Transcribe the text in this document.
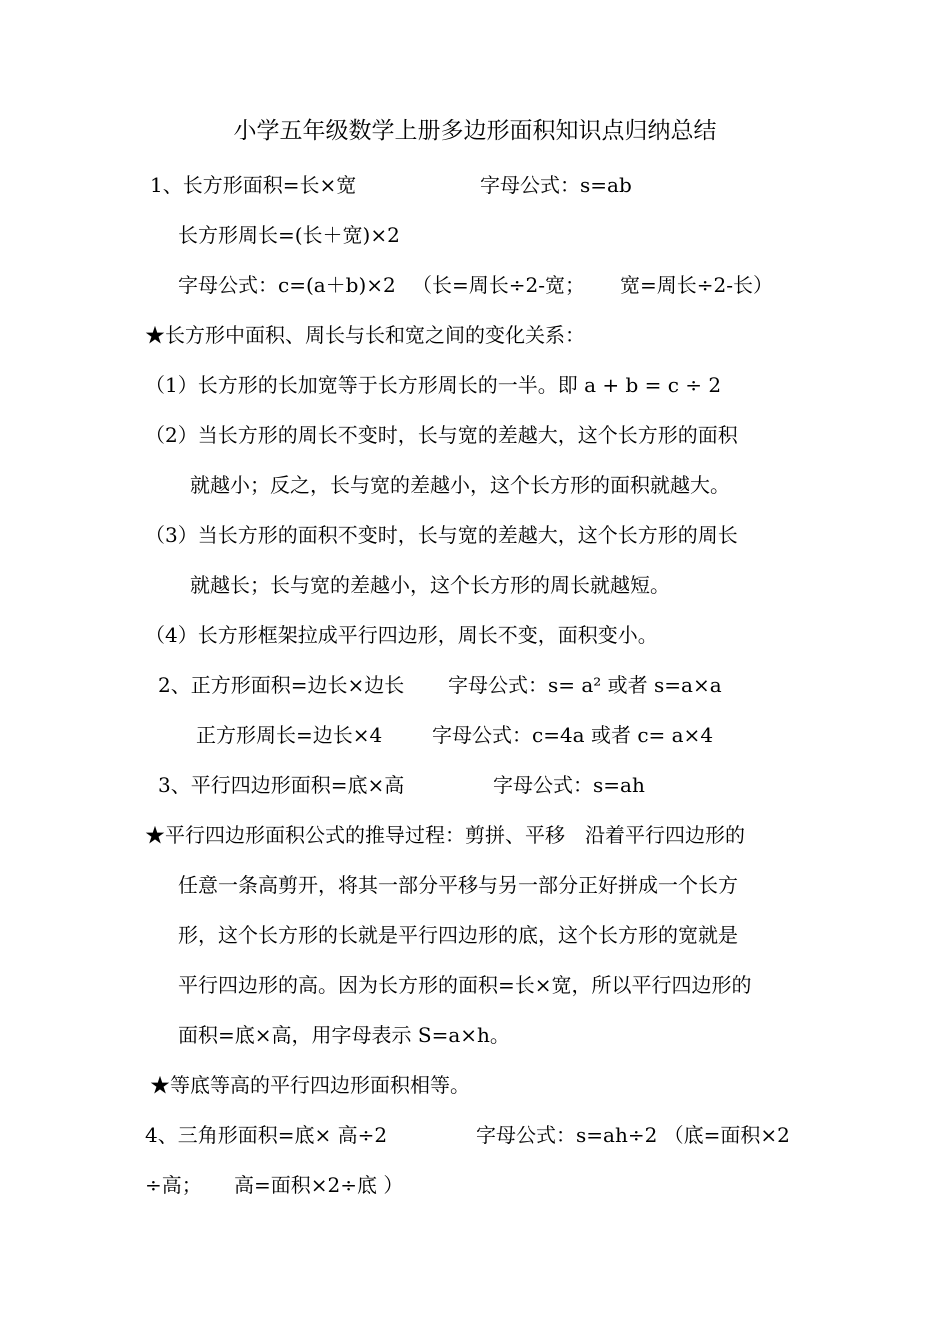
小学五年级数学上册多边形面积知识点归纳总结
1、长方形面积=长×宽	字母公式：s=ab
长方形周长=(长＋宽)×2
字母公式：c=(a＋b)×2 （长=周长÷2-宽； 宽=周长÷2-长）
★长方形中面积、周长与长和宽之间的变化关系：
（1）长方形的长加宽等于长方形周长的一半。即 a + b = c ÷ 2
（2）当长方形的周长不变时，长与宽的差越大，这个长方形的面积
就越小；反之，长与宽的差越小，这个长方形的面积就越大。
（3）当长方形的面积不变时，长与宽的差越大，这个长方形的周长
就越长；长与宽的差越小，这个长方形的周长就越短。
（4）长方形框架拉成平行四边形，周长不变，面积变小。
2、正方形面积=边长×边长 字母公式：s= a² 或者 s=a×a
正方形周长=边长×4 字母公式：c=4a 或者 c= a×4
3、平行四边形面积=底×高	字母公式：s=ah
★平行四边形面积公式的推导过程：剪拼、平移　沿着平行四边形的
任意一条高剪开，将其一部分平移与另一部分正好拼成一个长方
形，这个长方形的长就是平行四边形的底，这个长方形的宽就是
平行四边形的高。因为长方形的面积=长×宽，所以平行四边形的
面积=底×高，用字母表示 S=a×h。
★等底等高的平行四边形面积相等。
4、三角形面积=底× 高÷2	字母公式：s=ah÷2 （底=面积×2
÷高； 高=面积×2÷底 ）
